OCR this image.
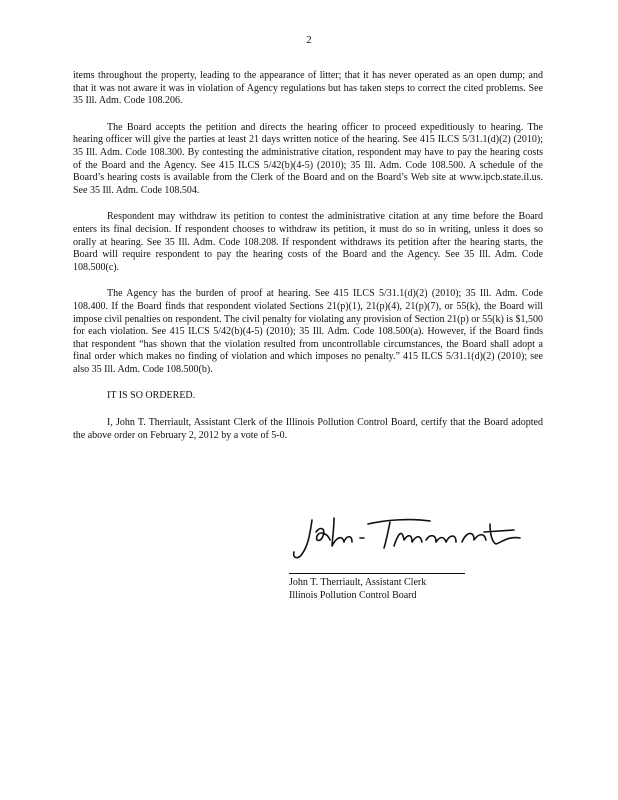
2

items throughout the property, leading to the appearance of litter; that it has never operated as an open dump; and that it was not aware it was in violation of Agency regulations but has taken steps to correct the cited problems. See 35 Ill. Adm. Code 108.206.

The Board accepts the petition and directs the hearing officer to proceed expeditiously to hearing. The hearing officer will give the parties at least 21 days written notice of the hearing. See 415 ILCS 5/31.1(d)(2) (2010); 35 Ill. Adm. Code 108.300. By contesting the administrative citation, respondent may have to pay the hearing costs of the Board and the Agency. See 415 ILCS 5/42(b)(4-5) (2010); 35 Ill. Adm. Code 108.500. A schedule of the Board’s hearing costs is available from the Clerk of the Board and on the Board’s Web site at www.ipcb.state.il.us. See 35 Ill. Adm. Code 108.504.

Respondent may withdraw its petition to contest the administrative citation at any time before the Board enters its final decision. If respondent chooses to withdraw its petition, it must do so in writing, unless it does so orally at hearing. See 35 Ill. Adm. Code 108.208. If respondent withdraws its petition after the hearing starts, the Board will require respondent to pay the hearing costs of the Board and the Agency. See 35 Ill. Adm. Code 108.500(c).

The Agency has the burden of proof at hearing. See 415 ILCS 5/31.1(d)(2) (2010); 35 Ill. Adm. Code 108.400. If the Board finds that respondent violated Sections 21(p)(1), 21(p)(4), 21(p)(7), or 55(k), the Board will impose civil penalties on respondent. The civil penalty for violating any provision of Section 21(p) or 55(k) is $1,500 for each violation. See 415 ILCS 5/42(b)(4-5) (2010); 35 Ill. Adm. Code 108.500(a). However, if the Board finds that respondent “has shown that the violation resulted from uncontrollable circumstances, the Board shall adopt a final order which makes no finding of violation and which imposes no penalty.” 415 ILCS 5/31.1(d)(2) (2010); see also 35 Ill. Adm. Code 108.500(b).

IT IS SO ORDERED.

I, John T. Therriault, Assistant Clerk of the Illinois Pollution Control Board, certify that the Board adopted the above order on February 2, 2012 by a vote of 5-0.

John T. Therriault, Assistant Clerk
Illinois Pollution Control Board
